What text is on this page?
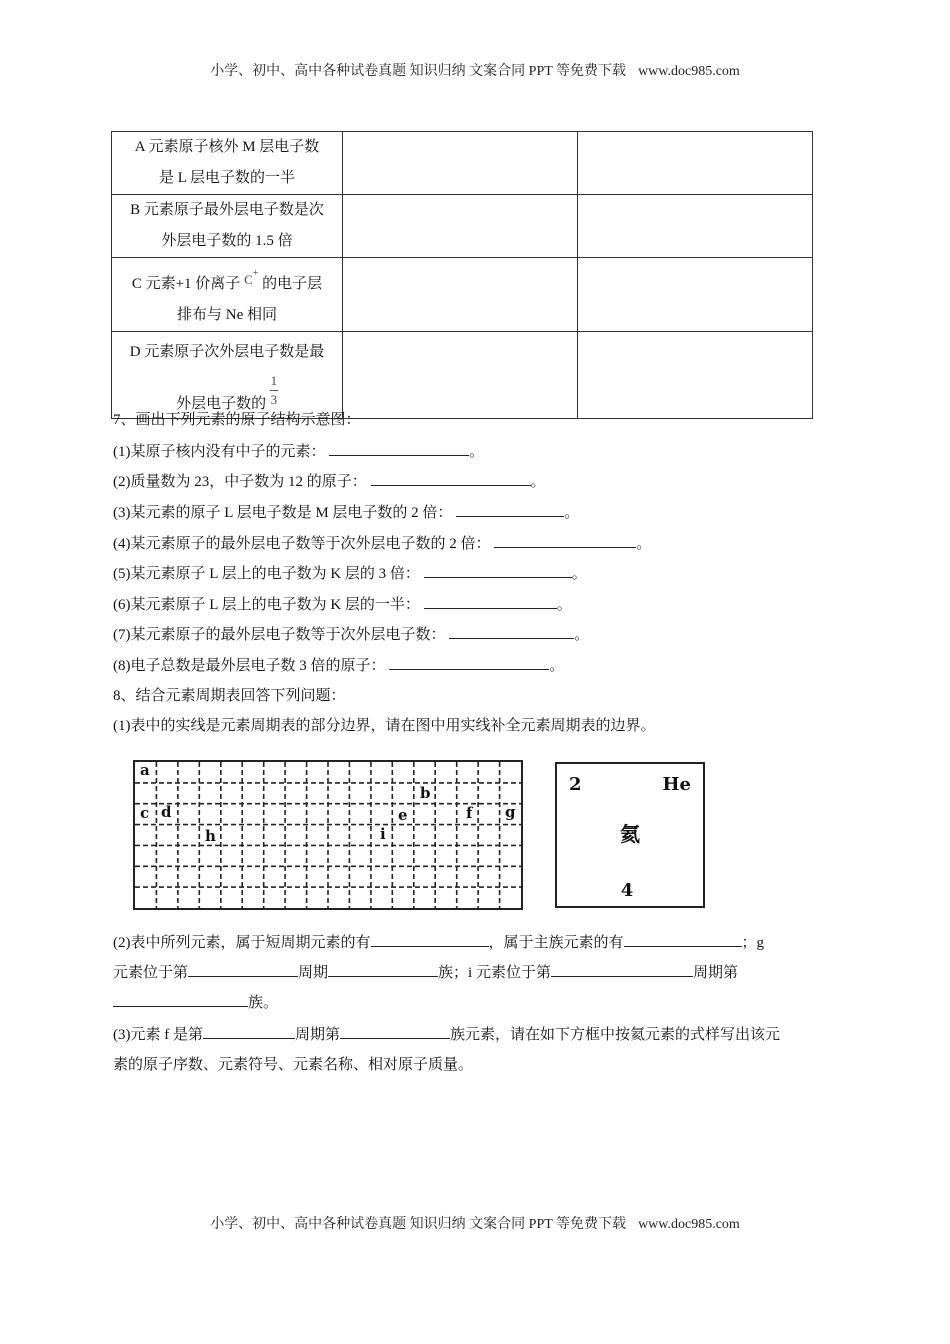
小学、初中、高中各种试卷真题 知识归纳 文案合同 PPT 等免费下载 www.doc985.com
A 元素原子核外 M 层电子数
是 L 层电子数的一半		

B 元素原子最外层电子数是次
外层电子数的 1.5 倍		

C 元素+1 价离子 C+ 的电子层
排布与 Ne 相同		

D 元素原子次外层电子数是最
外层电子数的 $\frac{1}{3}$

7、画出下列元素的原子结构示意图：
(1)某原子核内没有中子的元素：	。
(2)质量数为 23，中子数为 12 的原子：	。
(3)某元素的原子 L 层电子数是 M 层电子数的 2 倍：	。
(4)某元素原子的最外层电子数等于次外层电子数的 2 倍：	。
(5)某元素原子 L 层上的电子数为 K 层的 3 倍：	。
(6)某元素原子 L 层上的电子数为 K 层的一半：	。
(7)某元素原子的最外层电子数等于次外层电子数：	。
(8)电子总数是最外层电子数 3 倍的原子：	。
8、结合元素周期表回答下列问题：
(1)表中的实线是元素周期表的部分边界，请在图中用实线补全元素周期表的边界。
a
b
c d	e	f g
h	i
2	He
氦
4
(2)表中所列元素，属于短周期元素的有	，属于主族元素的有	；g
元素位于第	周期	族；i 元素位于第	周期第
族。
(3)元素 f 是第	周期第	族元素，请在如下方框中按氦元素的式样写出该元
素的原子序数、元素符号、元素名称、相对原子质量。
小学、初中、高中各种试卷真题 知识归纳 文案合同 PPT 等免费下载 www.doc985.com
